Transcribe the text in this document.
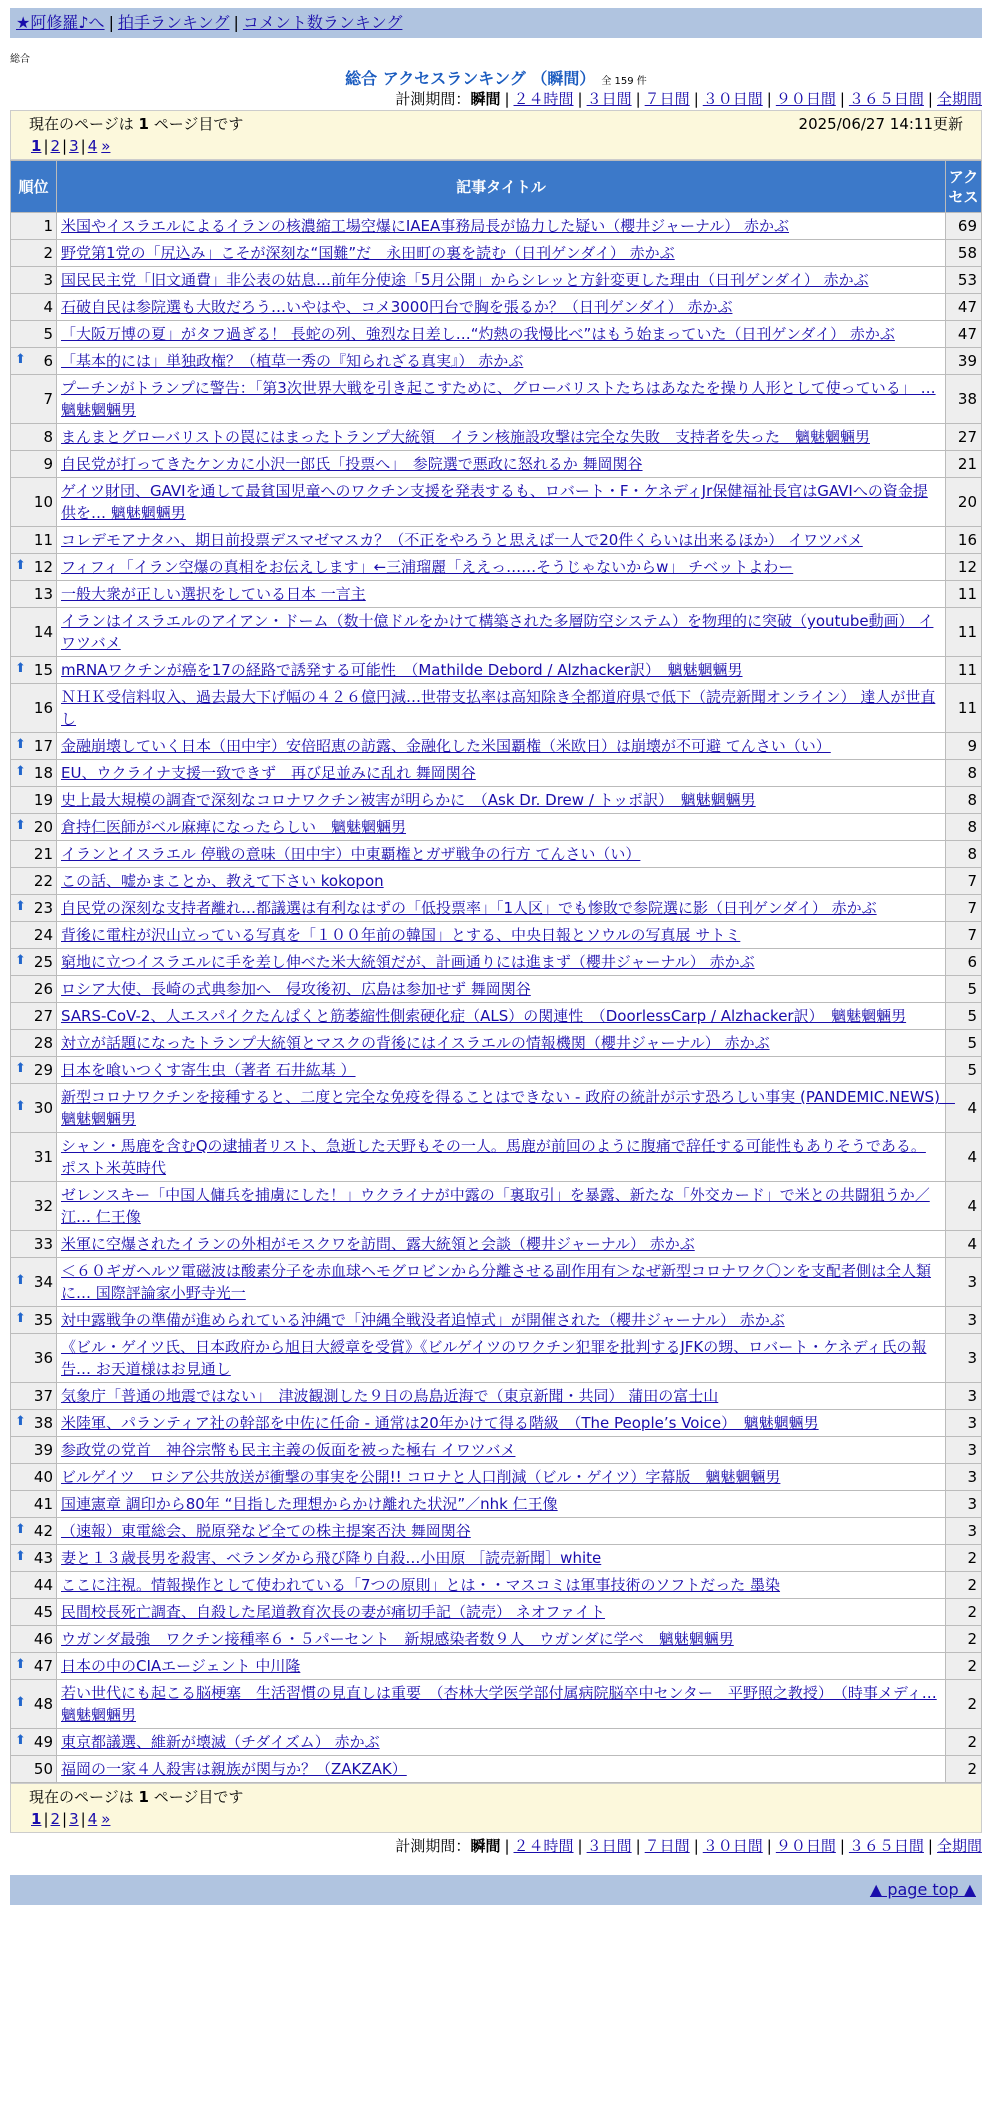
★阿修羅♪へ | 拍手ランキング | コメント数ランキング
総合
総合 アクセスランキング （瞬間） 全 159 件
計測期間：瞬間 | ２４時間 | ３日間 | ７日間 | ３０日間 | ９０日間 | ３６５日間 | 全期間
現在のページは 1 ページ目です	2025/06/27 14:11更新
1 | 2 | 3 | 4 »
順位	記事タイトル	アクセス
1	米国やイスラエルによるイランの核濃縮工場空爆にIAEA事務局長が協力した疑い（櫻井ジャーナル） 赤かぶ	69
2	野党第1党の「尻込み」こそが深刻な“国難”だ　永田町の裏を読む（日刊ゲンダイ） 赤かぶ	58
3	国民民主党「旧文通費」非公表の姑息…前年分使途「5月公開」からシレッと方針変更した理由（日刊ゲンダイ） 赤かぶ	53
4	石破自民は参院選も大敗だろう…いやはや、コメ3000円台で胸を張るか？（日刊ゲンダイ） 赤かぶ	47
5	「大阪万博の夏」がタフ過ぎる！ 長蛇の列、強烈な日差し…“灼熱の我慢比べ”はもう始まっていた（日刊ゲンダイ） 赤かぶ	47

⬆ 6	「基本的には」単独政権？（植草一秀の『知られざる真実』） 赤かぶ	39
7	プーチンがトランプに警告：「第3次世界大戦を引き起こすために、グローバリストたちはあなたを操り人形として使っている」 … 魑魅魍魎男	38
8	まんまとグローバリストの罠にはまったトランプ大統領　イラン核施設攻撃は完全な失敗　支持者を失った　魑魅魍魎男	27
9	自民党が打ってきたケンカに小沢一郎氏「投票へ」　参院選で悪政に怒れるか 舞岡関谷	21
10	ゲイツ財団、GAVIを通して最貧国児童へのワクチン支援を発表するも、ロバート・F・ケネディJr保健福祉長官はGAVIへの資金提供を… 魑魅魍魎男	20
11	コレデモアナタハ、期日前投票デスマゼマスカ？（不正をやろうと思えば一人で20件くらいは出来るほか） イワツバメ	16

⬆ 12	フィフィ「イラン空爆の真相をお伝えします」←三浦瑠麗「ええっ……そうじゃないからw」 チベットよわー	12
13	一般大衆が正しい選択をしている日本 一言主	11
14	イランはイスラエルのアイアン・ドーム（数十億ドルをかけて構築された多層防空システム）を物理的に突破（youtube動画） イワツバメ	11

⬆ 15	mRNAワクチンが癌を17の経路で誘発する可能性　（Mathilde Debord / Alzhacker訳）　魑魅魍魎男	11
16	ＮＨＫ受信料収入、過去最大下げ幅の４２６億円減…世帯支払率は高知除き全都道府県で低下（読売新聞オンライン） 達人が世直し	11

⬆ 17	金融崩壊していく日本（田中宇）安倍昭恵の訪露、金融化した米国覇権（米欧日）は崩壊が不可避 てんさい（い）	9

⬆ 18	EU、ウクライナ支援一致できず　再び足並みに乱れ 舞岡関谷	8
19	史上最大規模の調査で深刻なコロナワクチン被害が明らかに　（Ask Dr. Drew / トッポ訳）　魑魅魍魎男	8

⬆ 20	倉持仁医師がベル麻痺になったらしい　魑魅魍魎男	8
21	イランとイスラエル 停戦の意味（田中宇）中東覇権とガザ戦争の行方 てんさい（い）	8
22	この話、嘘かまことか、教えて下さい kokopon	7

⬆ 23	自民党の深刻な支持者離れ…都議選は有利なはずの「低投票率」「1人区」でも惨敗で参院選に影（日刊ゲンダイ） 赤かぶ	7
24	背後に電柱が沢山立っている写真を「１００年前の韓国」とする、中央日報とソウルの写真展 サトミ	7

⬆ 25	窮地に立つイスラエルに手を差し伸べた米大統領だが、計画通りには進まず（櫻井ジャーナル） 赤かぶ	6
26	ロシア大使、長崎の式典参加へ　侵攻後初、広島は参加せず 舞岡関谷	5
27	SARS-CoV-2、人エスパイクたんぱくと筋萎縮性側索硬化症（ALS）の関連性　（DoorlessCarp / Alzhacker訳）　魑魅魍魎男	5
28	対立が話題になったトランプ大統領とマスクの背後にはイスラエルの情報機関（櫻井ジャーナル） 赤かぶ	5

⬆ 29	日本を喰いつくす寄生虫（著者 石井紘基 ）	5

⬆ 30	新型コロナワクチンを接種すると、二度と完全な免疫を得ることはできない - 政府の統計が示す恐ろしい事実 (PANDEMIC.NEWS)　魑魅魍魎男	4
31	シャン・馬鹿を含むQの逮捕者リスト、急逝した天野もその一人。馬鹿が前回のように腹痛で辞任する可能性もありそうである。 ポスト米英時代	4
32	ゼレンスキー「中国人傭兵を捕虜にした！」ウクライナが中露の「裏取引」を暴露、新たな「外交カード」で米との共闘狙うか／江… 仁王像	4
33	米軍に空爆されたイランの外相がモスクワを訪問、露大統領と会談（櫻井ジャーナル） 赤かぶ	4

⬆ 34	＜６０ギガヘルツ電磁波は酸素分子を赤血球ヘモグロビンから分離させる副作用有＞なぜ新型コロナワク〇ンを支配者側は全人類に… 国際評論家小野寺光一	3

⬆ 35	対中露戦争の準備が進められている沖縄で「沖縄全戦没者追悼式」が開催された（櫻井ジャーナル） 赤かぶ	3
36	《ビル・ゲイツ氏、日本政府から旭日大綬章を受賞》《ビルゲイツのワクチン犯罪を批判するJFKの甥、ロバート・ケネディ氏の報告… お天道様はお見通し	3
37	気象庁「普通の地震ではない」　津波観測した９日の鳥島近海で（東京新聞・共同） 蒲田の富士山	3

⬆ 38	米陸軍、パランティア社の幹部を中佐に任命 - 通常は20年かけて得る階級　（The People’s Voice）　魑魅魍魎男	3
39	参政党の党首　神谷宗幣も民主主義の仮面を被った極右 イワツバメ	3
40	ビルゲイツ　ロシア公共放送が衝撃の事実を公開!! コロナと人口削減（ビル・ゲイツ）字幕版　魑魅魍魎男	3
41	国連憲章 調印から80年 “目指した理想からかけ離れた状況”／nhk 仁王像	3

⬆ 42	（速報）東電総会、脱原発など全ての株主提案否決 舞岡関谷	3

⬆ 43	妻と１３歳長男を殺害、ベランダから飛び降り自殺…小田原 ［読売新聞］white	2
44	ここに注視。情報操作として使われている「7つの原則」とは・・マスコミは軍事技術のソフトだった 墨染	2
45	民間校長死亡調査、自殺した尾道教育次長の妻が痛切手記（読売） ネオファイト	2
46	ウガンダ最強　ワクチン接種率６・５パーセント　新規感染者数９人　ウガンダに学べ　魑魅魍魎男	2

⬆ 47	日本の中のCIAエージェント 中川隆	2

⬆ 48	若い世代にも起こる脳梗塞　生活習慣の見直しは重要　（杏林大学医学部付属病院脳卒中センター　平野照之教授）　（時事メディ… 魑魅魍魎男	2

⬆ 49	東京都議選、維新が壊滅（チダイズム） 赤かぶ	2
50	福岡の一家４人殺害は親族が関与か？（ZAKZAK）	2
現在のページは 1 ページ目です
1 | 2 | 3 | 4 »
計測期間：瞬間 | ２４時間 | ３日間 | ７日間 | ３０日間 | ９０日間 | ３６５日間 | 全期間
▲ page top ▲
